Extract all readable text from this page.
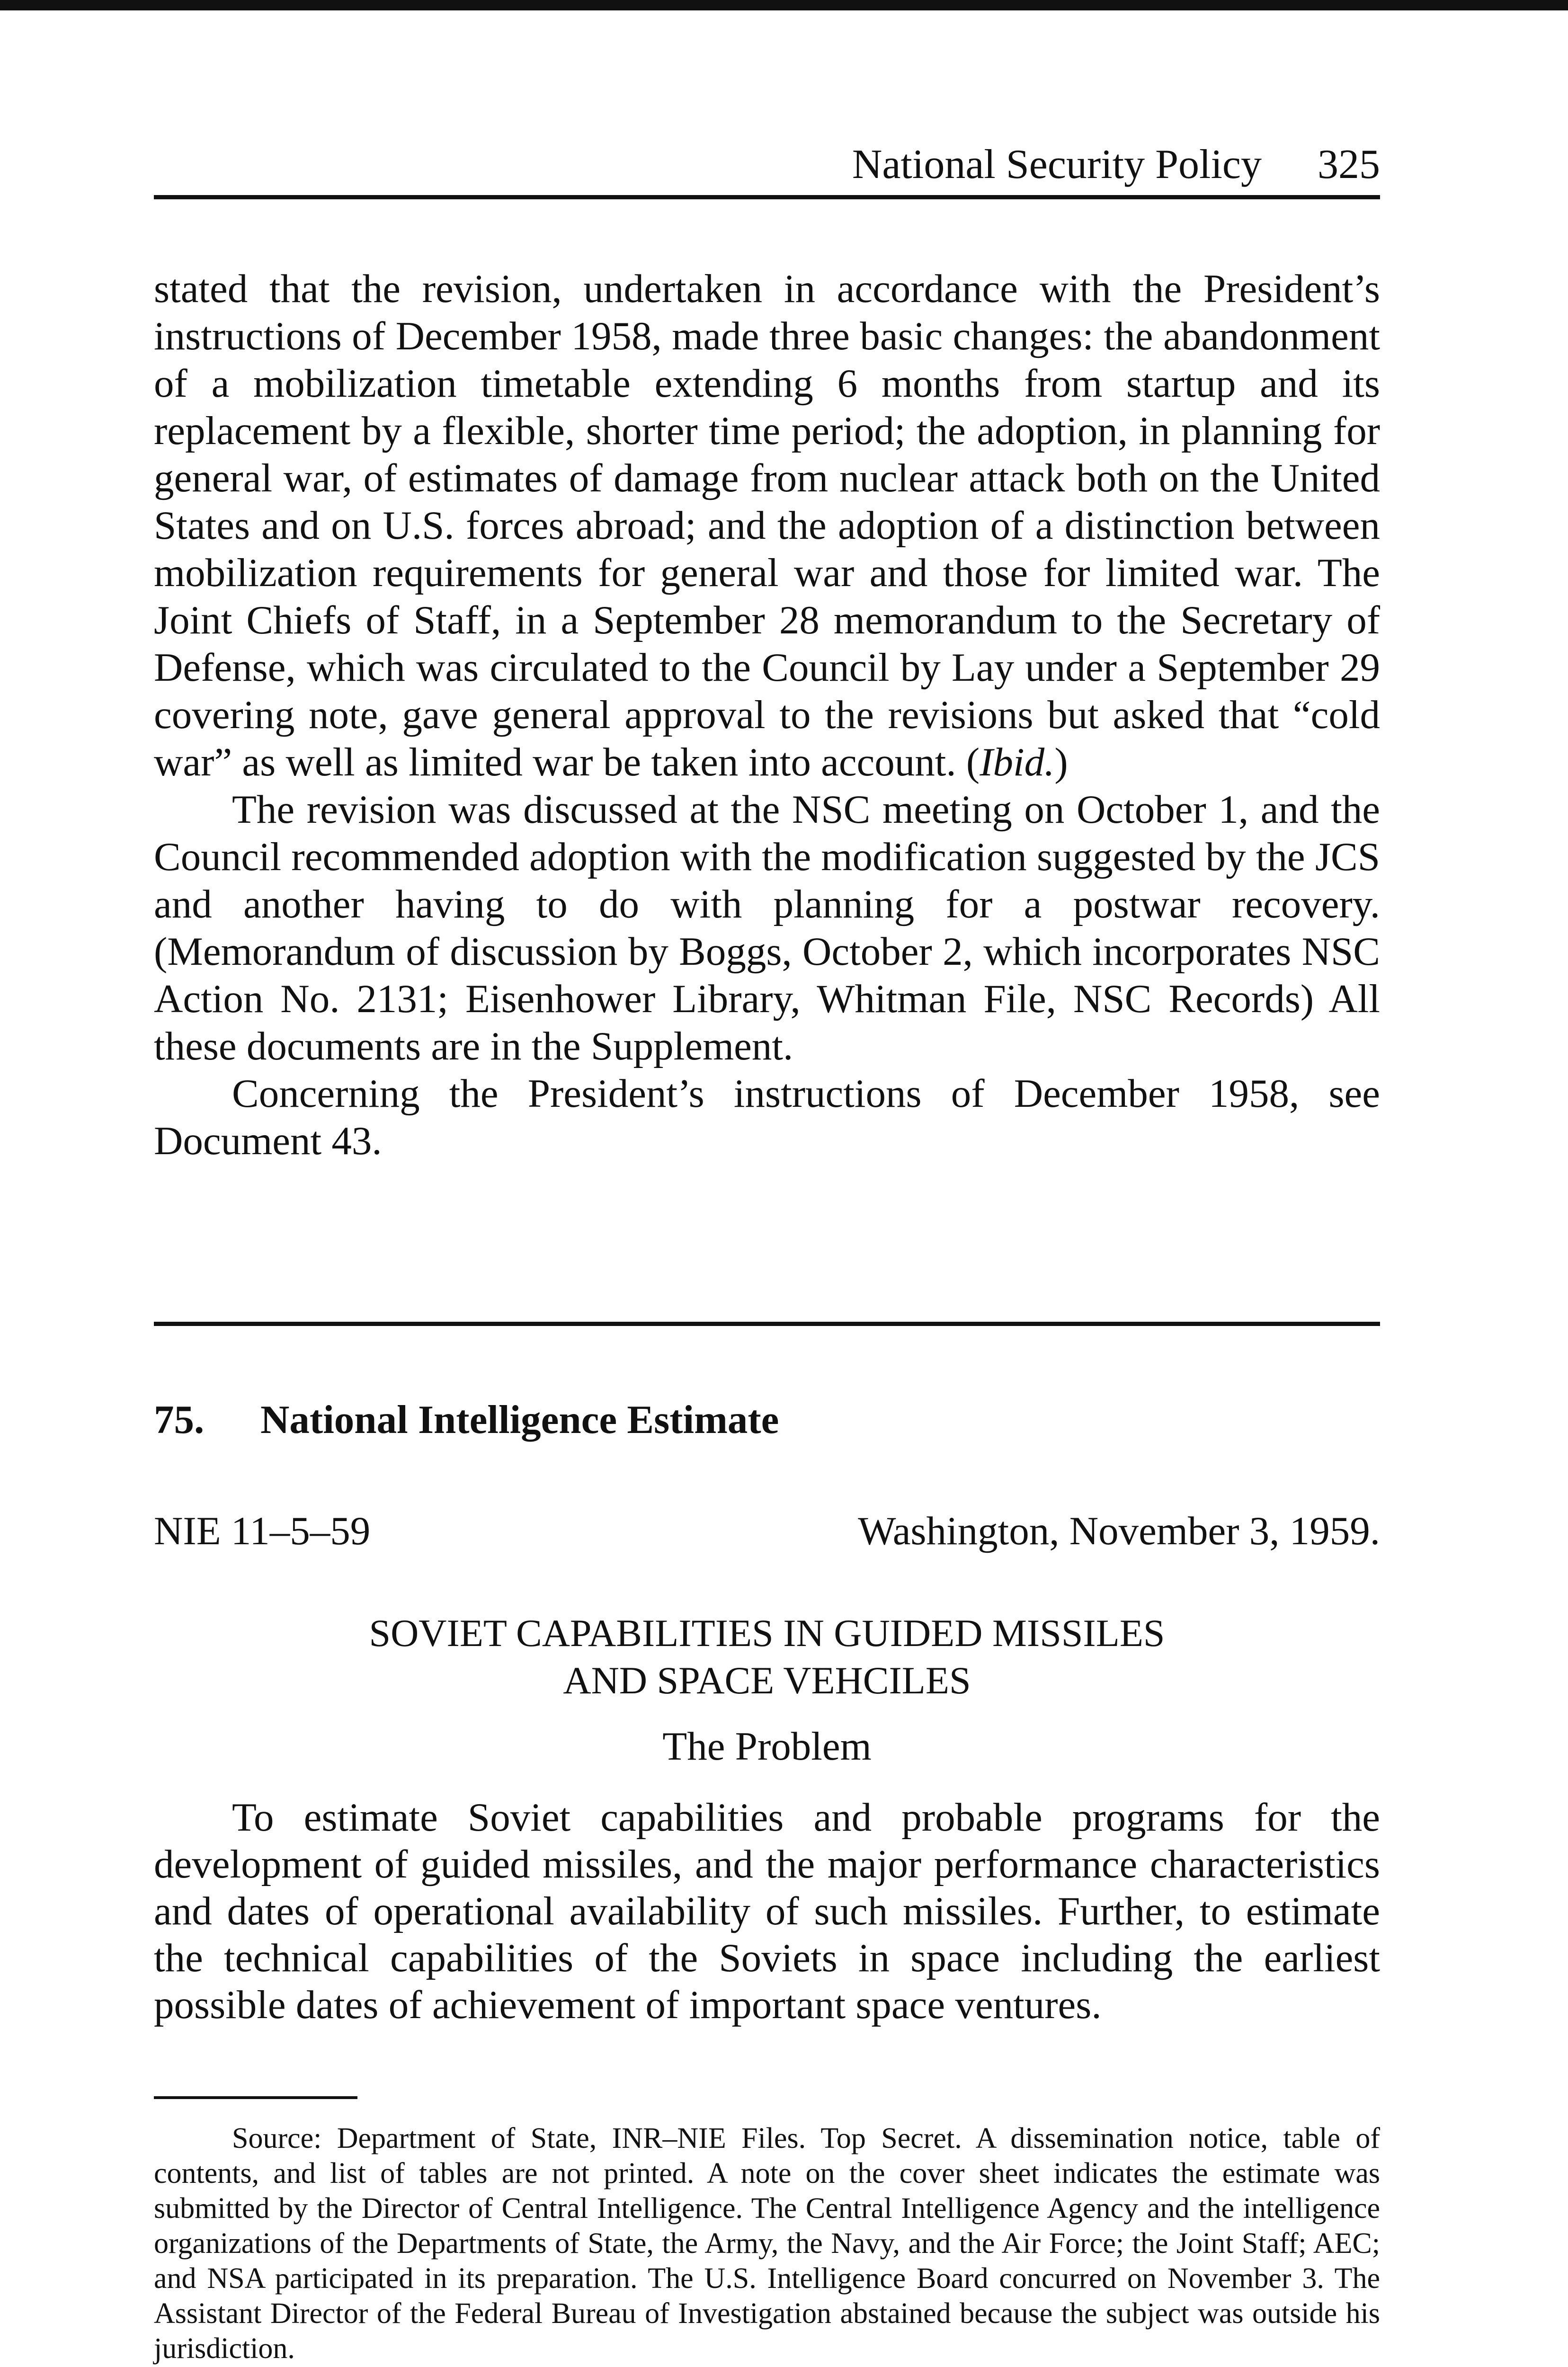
National Security Policy 325

stated that the revision, undertaken in accordance with the President’s instructions of December 1958, made three basic changes: the abandonment of a mobilization timetable extending 6 months from startup and its replacement by a flexible, shorter time period; the adoption, in planning for general war, of estimates of damage from nuclear attack both on the United States and on U.S. forces abroad; and the adoption of a distinction between mobilization requirements for general war and those for limited war. The Joint Chiefs of Staff, in a September 28 memorandum to the Secretary of Defense, which was circulated to the Council by Lay under a September 29 covering note, gave general approval to the revisions but asked that “cold war” as well as limited war be taken into account. (Ibid.)

The revision was discussed at the NSC meeting on October 1, and the Council recommended adoption with the modification suggested by the JCS and another having to do with planning for a postwar recovery. (Memorandum of discussion by Boggs, October 2, which incorporates NSC Action No. 2131; Eisenhower Library, Whitman File, NSC Records) All these documents are in the Supplement.

Concerning the President’s instructions of December 1958, see Document 43.

75. National Intelligence Estimate
NIE 11–5–59	Washington, November 3, 1959.
SOVIET CAPABILITIES IN GUIDED MISSILES
AND SPACE VEHCILES
The Problem

To estimate Soviet capabilities and probable programs for the development of guided missiles, and the major performance characteristics and dates of operational availability of such missiles. Further, to estimate the technical capabilities of the Soviets in space including the earliest possible dates of achievement of important space ventures.

Source: Department of State, INR–NIE Files. Top Secret. A dissemination notice, table of contents, and list of tables are not printed. A note on the cover sheet indicates the estimate was submitted by the Director of Central Intelligence. The Central Intelligence Agency and the intelligence organizations of the Departments of State, the Army, the Navy, and the Air Force; the Joint Staff; AEC; and NSA participated in its preparation. The U.S. Intelligence Board concurred on November 3. The Assistant Director of the Federal Bureau of Investigation abstained because the subject was outside his jurisdiction.
